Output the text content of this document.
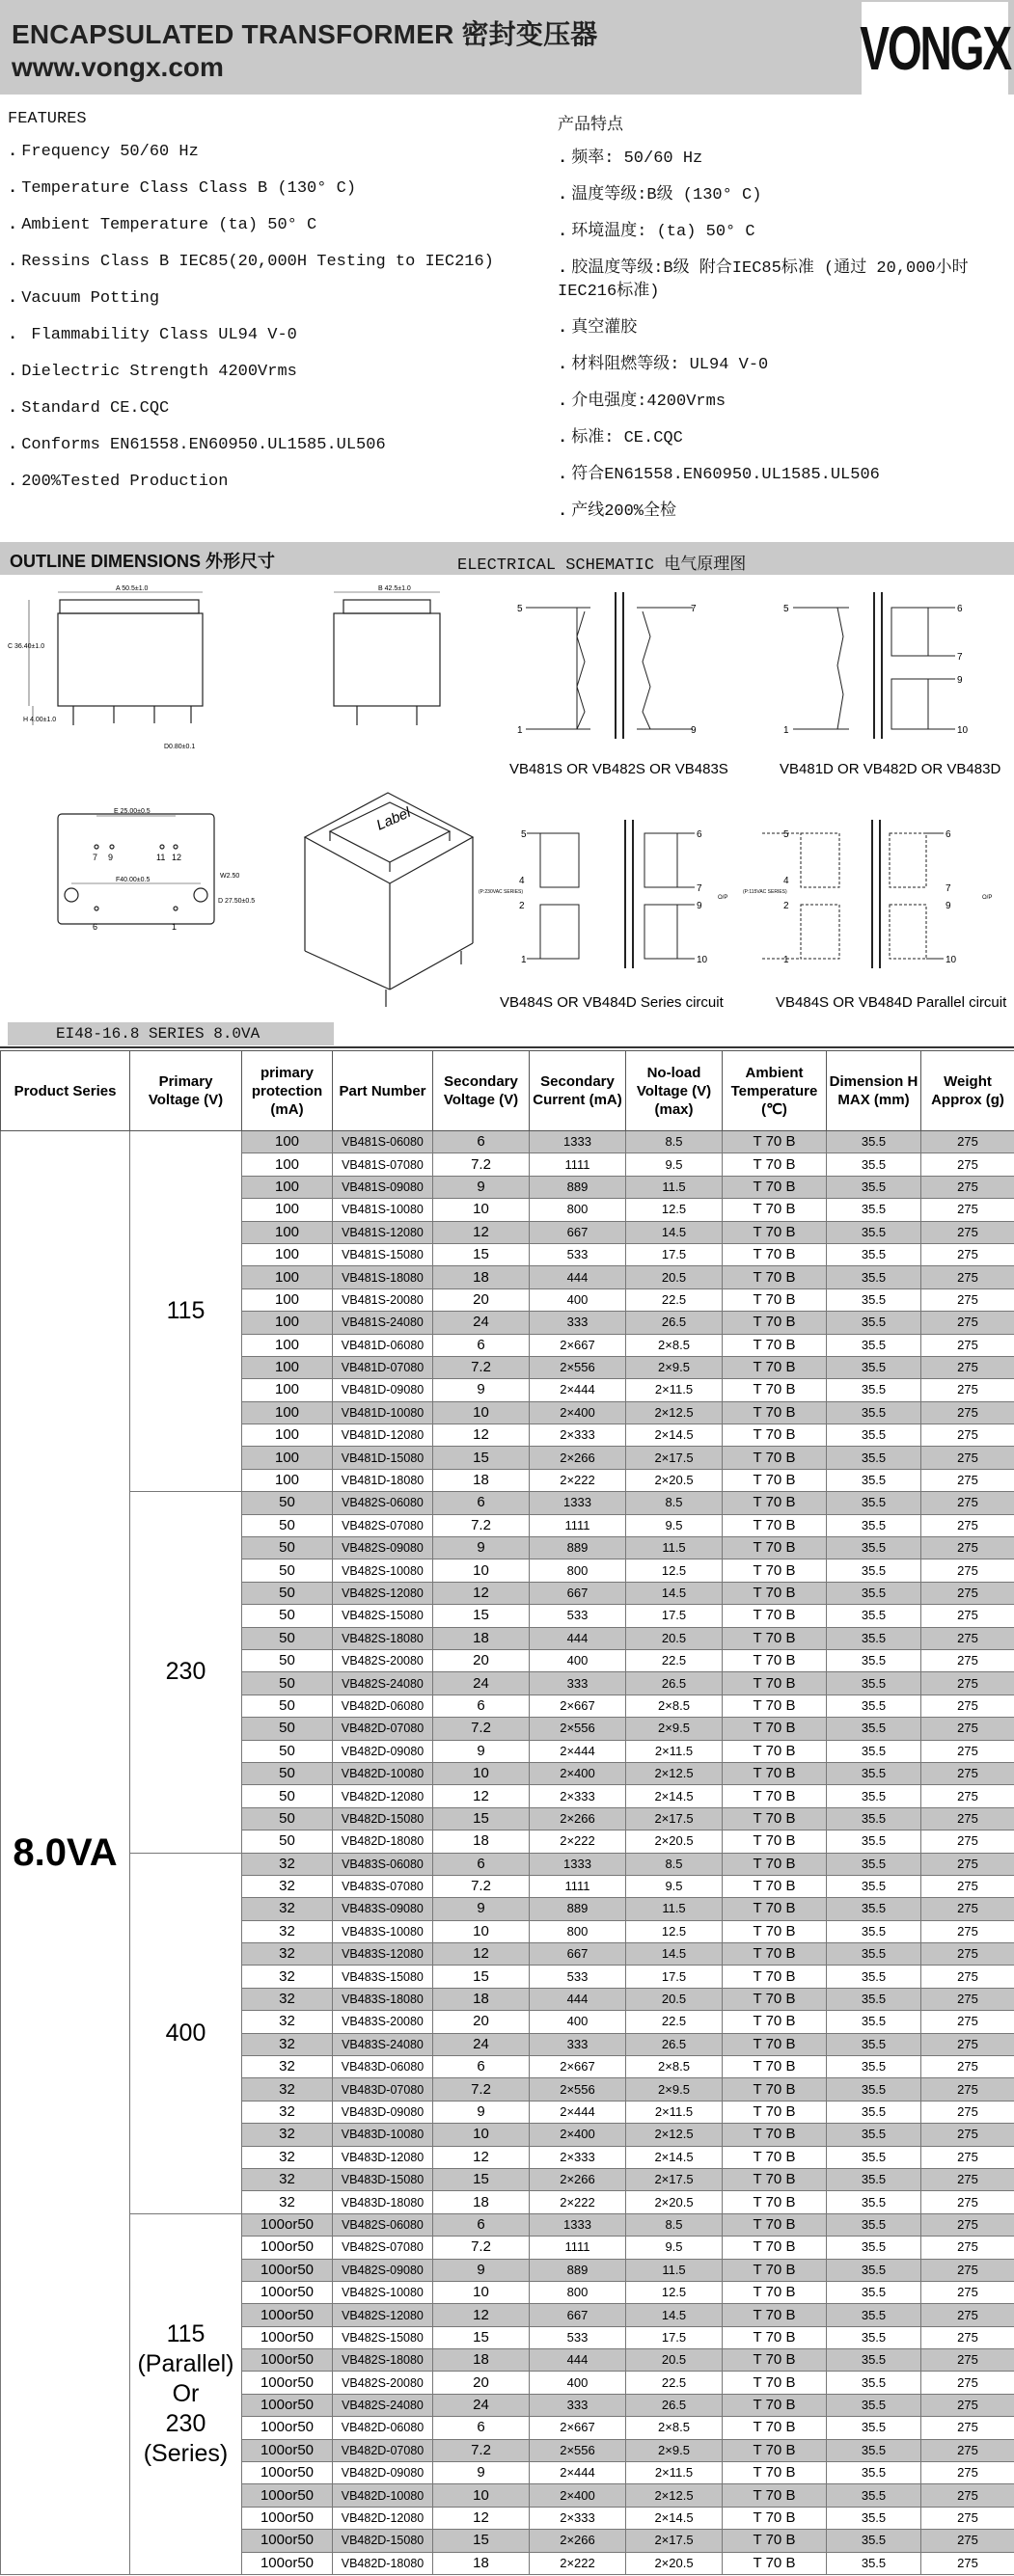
ENCAPSULATED TRANSFORMER 密封变压器
www.vongx.com	VONGX
FEATURES
. Frequency 50/60 Hz
. Temperature Class Class B (130° C)
. Ambient Temperature (ta) 50° C
. Ressins Class B IEC85(20,000H Testing to IEC216)
. Vacuum Potting
. Flammability Class UL94 V-0
. Dielectric Strength 4200Vrms
. Standard CE.CQC
. Conforms EN61558.EN60950.UL1585.UL506
. 200%Tested Production
产品特点
. 频率: 50/60 Hz
. 温度等级:B级 (130° C)
. 环境温度: (ta) 50° C
. 胶温度等级:B级 附合IEC85标准 (通过 20,000小时
IEC216标准)
. 真空灌胶
. 材料阻燃等级: UL94 V-0
. 介电强度:4200Vrms
. 标准: CE.CQC
. 符合EN61558.EN60950.UL1585.UL506
. 产线200%全检
OUTLINE DIMENSIONS 外形尺寸	ELECTRICAL SCHEMATIC 电气原理图
A 50.5±1.0
C 36.40±1.0
H 4.00±1.0
D0.80±0.1
B 42.5±1.0
E 25.00±0.5
F40.00±0.5
W2.50
D 27.50±0.5
7 9	11 12
6	1
Label
5
1
7
9
VB481S OR VB482S OR VB483S
5
1
6
7
9
10
VB481D OR VB482D OR VB483D
5
4
2
1
(P:230VAC SERIES)
6
7
9
10
O/P
VB484S OR VB484D Series circuit
5
4
2
1
(P:115VAC SERIES)
6
7
9
10
O/P
VB484S OR VB484D Parallel circuit
EI48-16.8 SERIES 8.0VA
Product Series	Primary Voltage (V)	primary protection (mA)	Part Number	Secondary Voltage (V)	Secondary Current (mA)	No-load Voltage (V)(max)	Ambient Temperature (℃)	Dimension H MAX (mm)	Weight Approx (g)
8.0VA	115	100	VB481S-06080	6	1333	8.5	T 70 B	35.5	275
		100	VB481S-07080	7.2	1111	9.5	T 70 B	35.5	275
		100	VB481S-09080	9	889	11.5	T 70 B	35.5	275
		100	VB481S-10080	10	800	12.5	T 70 B	35.5	275
		100	VB481S-12080	12	667	14.5	T 70 B	35.5	275
		100	VB481S-15080	15	533	17.5	T 70 B	35.5	275
		100	VB481S-18080	18	444	20.5	T 70 B	35.5	275
		100	VB481S-20080	20	400	22.5	T 70 B	35.5	275
		100	VB481S-24080	24	333	26.5	T 70 B	35.5	275
		100	VB481D-06080	6	2×667	2×8.5	T 70 B	35.5	275
		100	VB481D-07080	7.2	2×556	2×9.5	T 70 B	35.5	275
		100	VB481D-09080	9	2×444	2×11.5	T 70 B	35.5	275
		100	VB481D-10080	10	2×400	2×12.5	T 70 B	35.5	275
		100	VB481D-12080	12	2×333	2×14.5	T 70 B	35.5	275
		100	VB481D-15080	15	2×266	2×17.5	T 70 B	35.5	275
		100	VB481D-18080	18	2×222	2×20.5	T 70 B	35.5	275

	230	50	VB482S-06080	6	1333	8.5	T 70 B	35.5	275
		50	VB482S-07080	7.2	1111	9.5	T 70 B	35.5	275
		50	VB482S-09080	9	889	11.5	T 70 B	35.5	275
		50	VB482S-10080	10	800	12.5	T 70 B	35.5	275
		50	VB482S-12080	12	667	14.5	T 70 B	35.5	275
		50	VB482S-15080	15	533	17.5	T 70 B	35.5	275
		50	VB482S-18080	18	444	20.5	T 70 B	35.5	275
		50	VB482S-20080	20	400	22.5	T 70 B	35.5	275
		50	VB482S-24080	24	333	26.5	T 70 B	35.5	275
		50	VB482D-06080	6	2×667	2×8.5	T 70 B	35.5	275
		50	VB482D-07080	7.2	2×556	2×9.5	T 70 B	35.5	275
		50	VB482D-09080	9	2×444	2×11.5	T 70 B	35.5	275
		50	VB482D-10080	10	2×400	2×12.5	T 70 B	35.5	275
		50	VB482D-12080	12	2×333	2×14.5	T 70 B	35.5	275
		50	VB482D-15080	15	2×266	2×17.5	T 70 B	35.5	275
		50	VB482D-18080	18	2×222	2×20.5	T 70 B	35.5	275

	400	32	VB483S-06080	6	1333	8.5	T 70 B	35.5	275
		32	VB483S-07080	7.2	1111	9.5	T 70 B	35.5	275
		32	VB483S-09080	9	889	11.5	T 70 B	35.5	275
		32	VB483S-10080	10	800	12.5	T 70 B	35.5	275
		32	VB483S-12080	12	667	14.5	T 70 B	35.5	275
		32	VB483S-15080	15	533	17.5	T 70 B	35.5	275
		32	VB483S-18080	18	444	20.5	T 70 B	35.5	275
		32	VB483S-20080	20	400	22.5	T 70 B	35.5	275
		32	VB483S-24080	24	333	26.5	T 70 B	35.5	275
		32	VB483D-06080	6	2×667	2×8.5	T 70 B	35.5	275
		32	VB483D-07080	7.2	2×556	2×9.5	T 70 B	35.5	275
		32	VB483D-09080	9	2×444	2×11.5	T 70 B	35.5	275
		32	VB483D-10080	10	2×400	2×12.5	T 70 B	35.5	275
		32	VB483D-12080	12	2×333	2×14.5	T 70 B	35.5	275
		32	VB483D-15080	15	2×266	2×17.5	T 70 B	35.5	275
		32	VB483D-18080	18	2×222	2×20.5	T 70 B	35.5	275

	115
(Parallel)
Or
230
(Series)	100or50	VB482S-06080	6	1333	8.5	T 70 B	35.5	275
		100or50	VB482S-07080	7.2	1111	9.5	T 70 B	35.5	275
		100or50	VB482S-09080	9	889	11.5	T 70 B	35.5	275
		100or50	VB482S-10080	10	800	12.5	T 70 B	35.5	275
		100or50	VB482S-12080	12	667	14.5	T 70 B	35.5	275
		100or50	VB482S-15080	15	533	17.5	T 70 B	35.5	275
		100or50	VB482S-18080	18	444	20.5	T 70 B	35.5	275
		100or50	VB482S-20080	20	400	22.5	T 70 B	35.5	275
		100or50	VB482S-24080	24	333	26.5	T 70 B	35.5	275
		100or50	VB482D-06080	6	2×667	2×8.5	T 70 B	35.5	275
		100or50	VB482D-07080	7.2	2×556	2×9.5	T 70 B	35.5	275
		100or50	VB482D-09080	9	2×444	2×11.5	T 70 B	35.5	275
		100or50	VB482D-10080	10	2×400	2×12.5	T 70 B	35.5	275
		100or50	VB482D-12080	12	2×333	2×14.5	T 70 B	35.5	275
		100or50	VB482D-15080	15	2×266	2×17.5	T 70 B	35.5	275
		100or50	VB482D-18080	18	2×222	2×20.5	T 70 B	35.5	275
